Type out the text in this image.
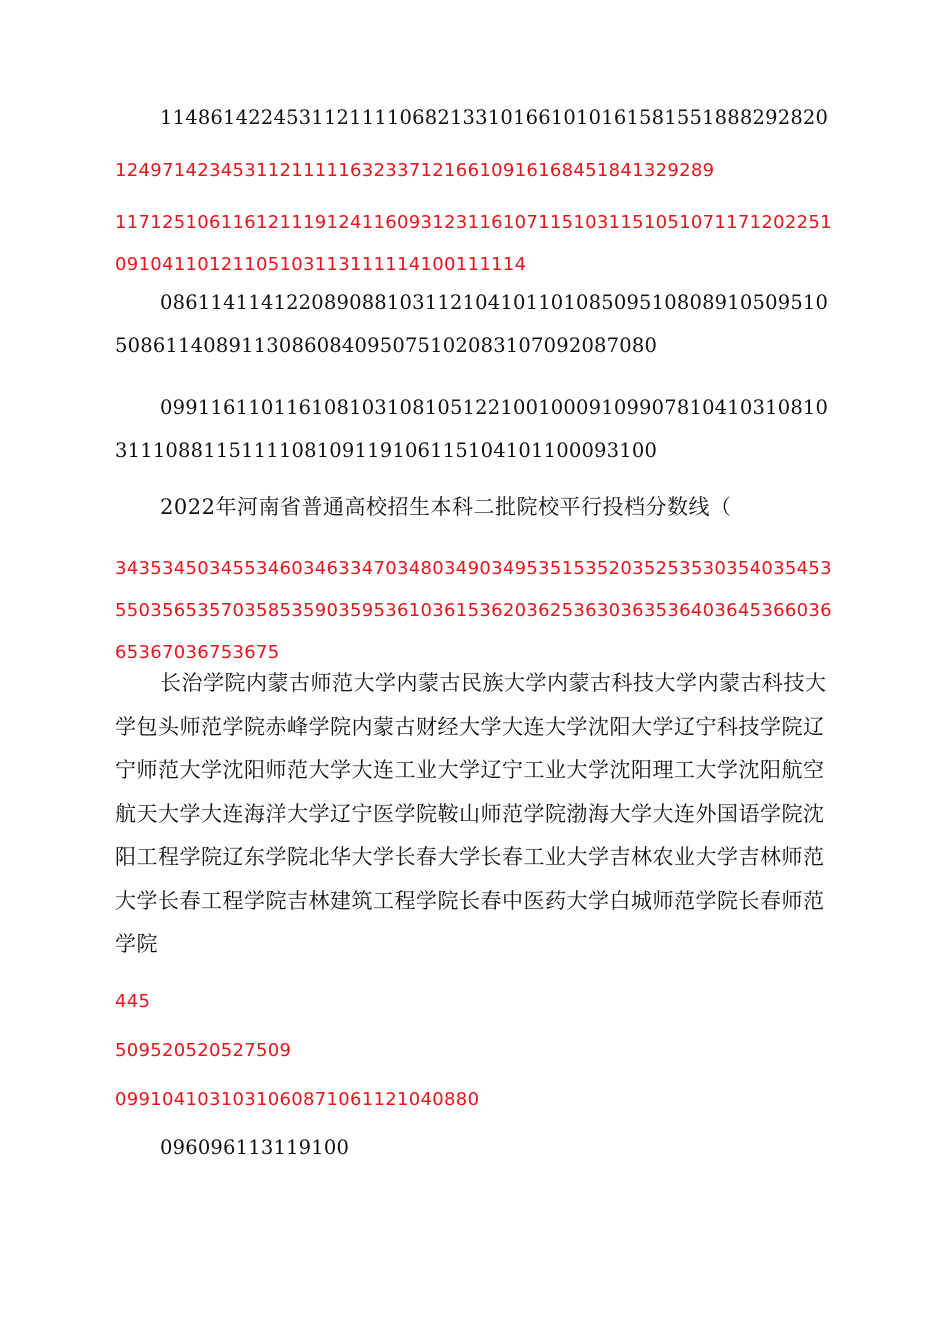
11486142245311211110682133101661010161581551888292820

124971423453112111116323371216610916168451841329289

117125106116121119124116093123116107115103115105107117120225109104110121105103113111114100111114

086114114122089088103112104101101085095108089105095105086114089113086084095075102083107092087080

099116110116108103108105122100100091099078104103108103111088115111108109119106115104101100093100

2022年河南省普通高校招生本科二批院校平行投档分数线（

3435345034553460346334703480349034953515352035253530354035453550356535703585359035953610361536203625363036353640364536603665367036753675

长治学院内蒙古师范大学内蒙古民族大学内蒙古科技大学内蒙古科技大学包头师范学院赤峰学院内蒙古财经大学大连大学沈阳大学辽宁科技学院辽宁师范大学沈阳师范大学大连工业大学辽宁工业大学沈阳理工大学沈阳航空航天大学大连海洋大学辽宁医学院鞍山师范学院渤海大学大连外国语学院沈阳工程学院辽东学院北华大学长春大学长春工业大学吉林农业大学吉林师范大学长春工程学院吉林建筑工程学院长春中医药大学白城师范学院长春师范学院

445

509520520527509

0991041031031060871061121040880

096096113119100
